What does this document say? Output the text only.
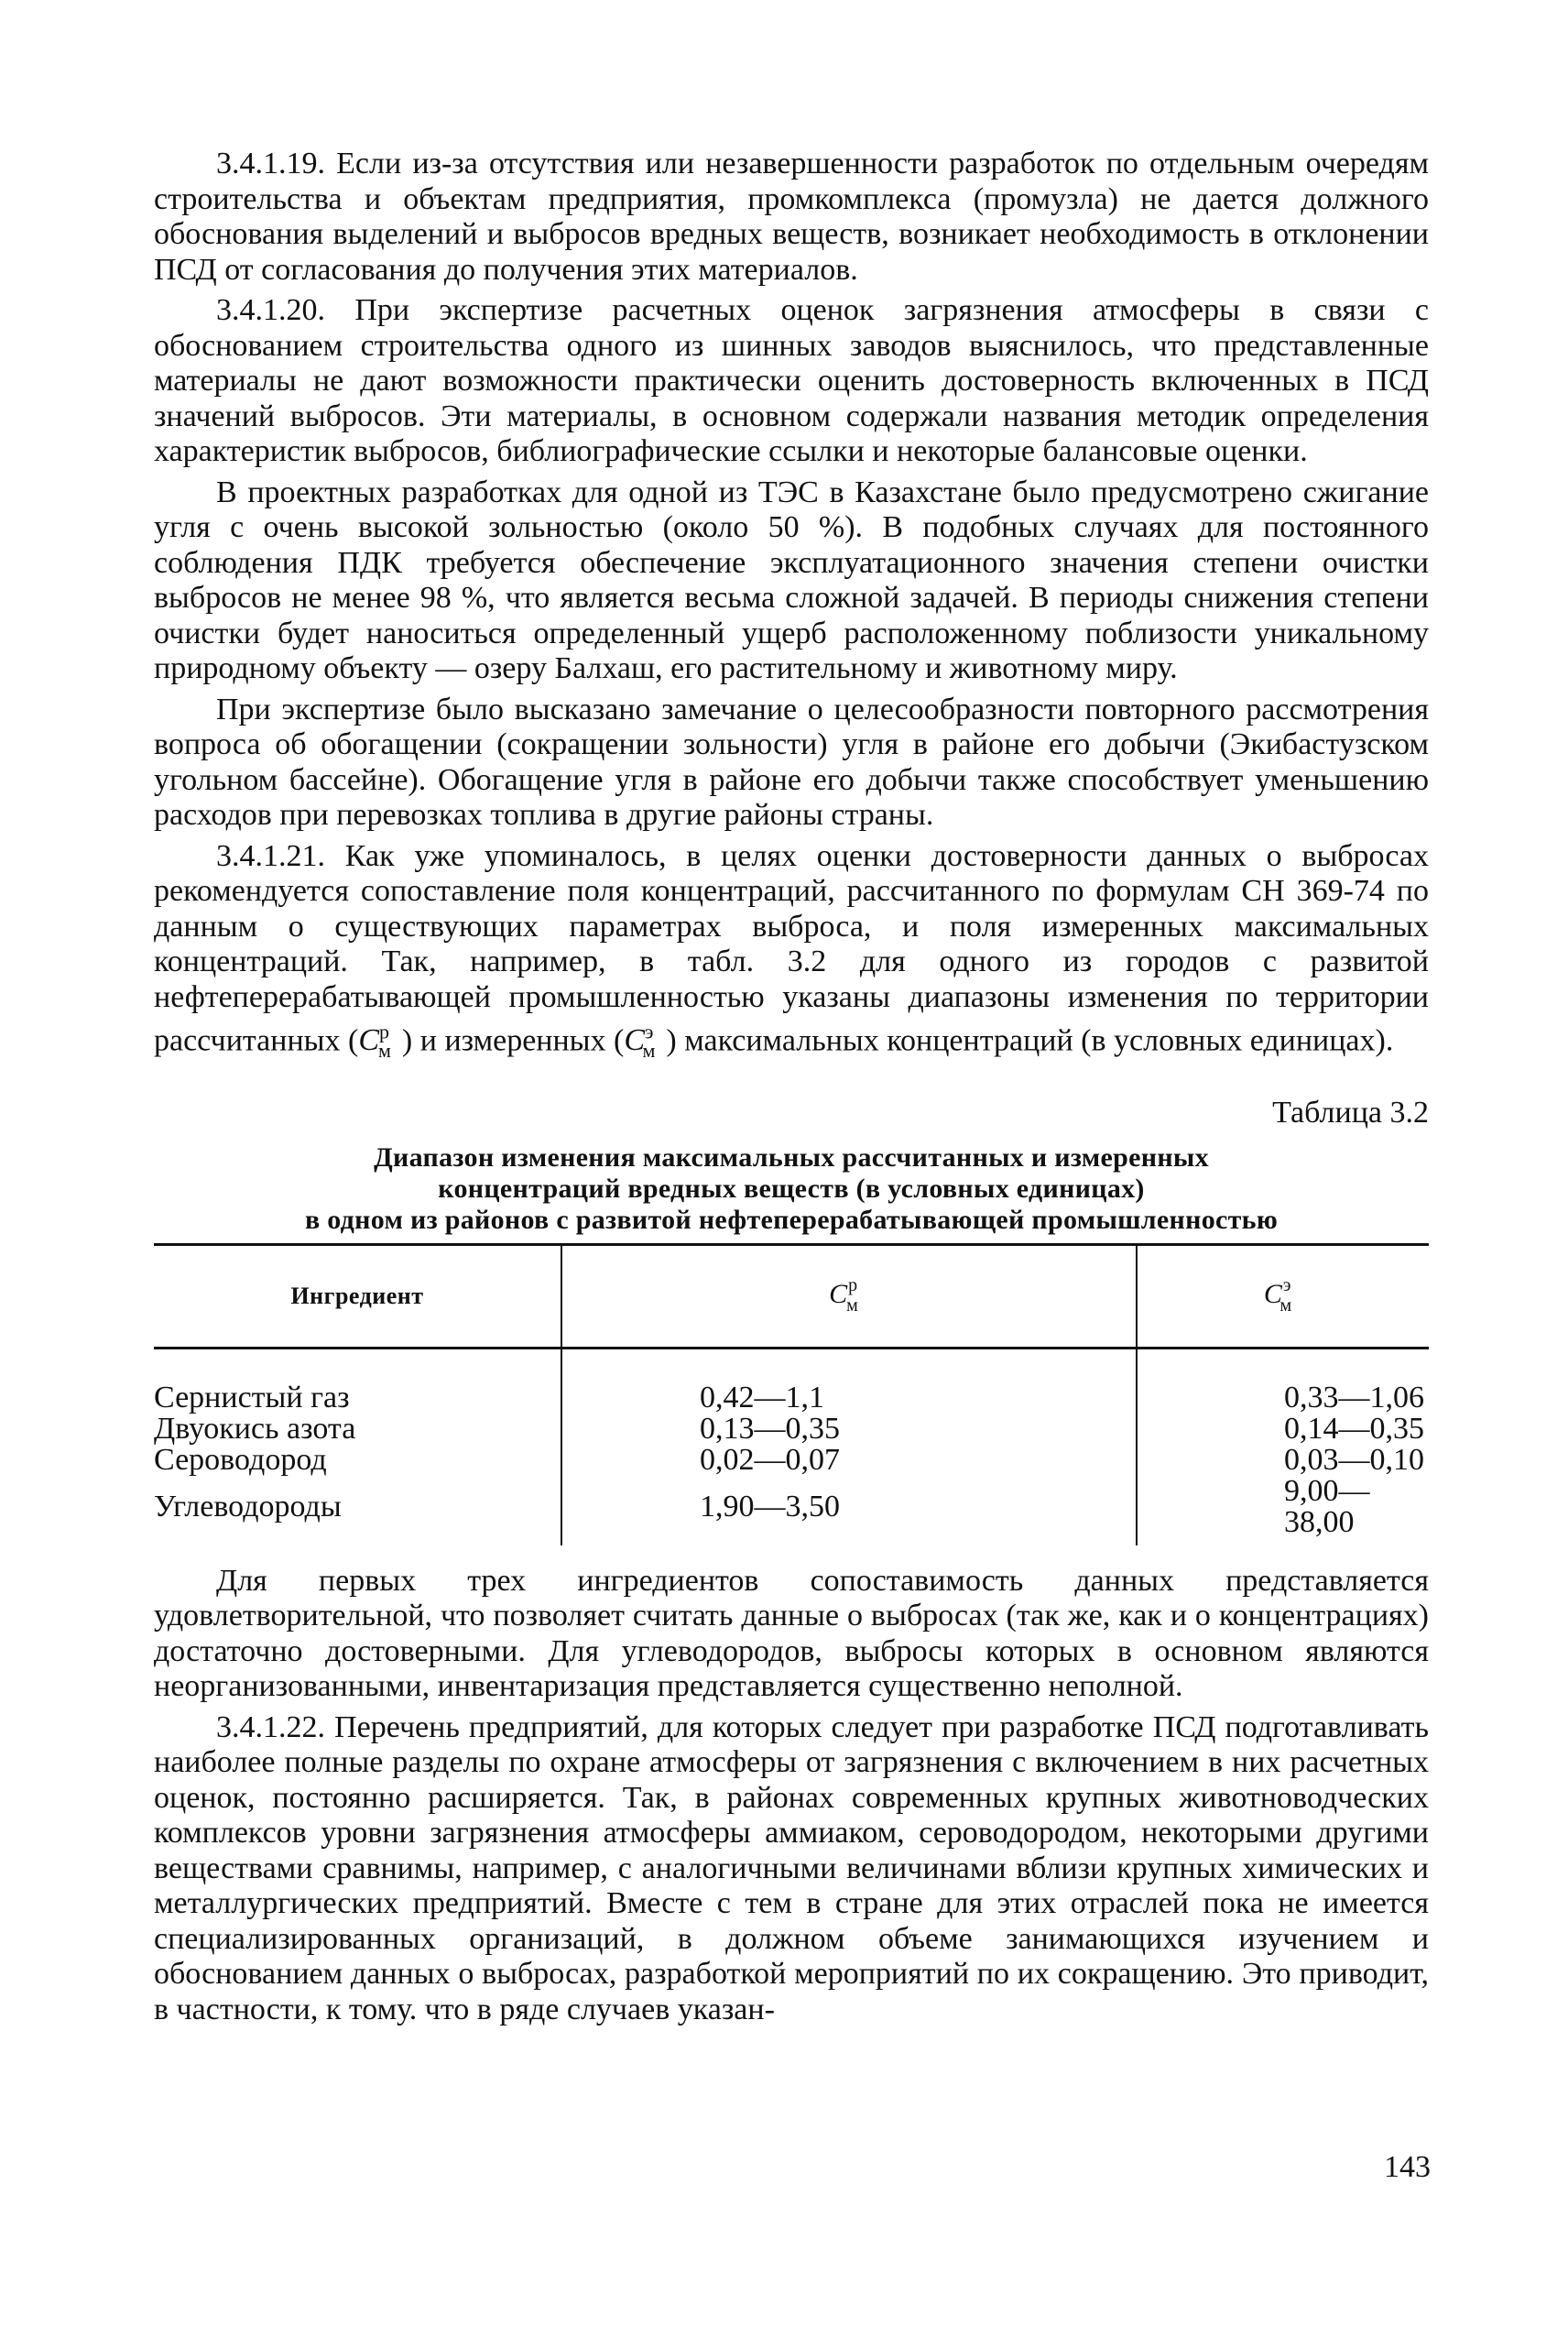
3.4.1.19. Если из-за отсутствия или незавершенности разработок по отдельным очередям строительства и объектам предприятия, промкомплекса (промузла) не дается должного обоснования выделений и выбросов вредных веществ, возникает необходимость в отклонении ПСД от согласования до получения этих материалов.

3.4.1.20. При экспертизе расчетных оценок загрязнения атмосферы в связи с обоснованием строительства одного из шинных заводов выяснилось, что представленные материалы не дают возможности практически оценить достоверность включенных в ПСД значений выбросов. Эти материалы, в основном содержали названия методик определения характеристик выбросов, библиографические ссылки и некоторые балансовые оценки.

В проектных разработках для одной из ТЭС в Казахстане было предусмотрено сжигание угля с очень высокой зольностью (около 50 %). В подобных случаях для постоянного соблюдения ПДК требуется обеспечение эксплуатационного значения степени очистки выбросов не менее 98 %, что является весьма сложной задачей. В периоды снижения степени очистки будет наноситься определенный ущерб расположенному поблизости уникальному природному объекту — озеру Балхаш, его растительному и животному миру.

При экспертизе было высказано замечание о целесообразности повторного рассмотрения вопроса об обогащении (сокращении зольности) угля в районе его добычи (Экибастузском угольном бассейне). Обогащение угля в районе его добычи также способствует уменьшению расходов при перевозках топлива в другие районы страны.

3.4.1.21. Как уже упоминалось, в целях оценки достоверности данных о выбросах рекомендуется сопоставление поля концентраций, рассчитанного по формулам СН 369-74 по данным о существующих параметрах выброса, и поля измеренных максимальных концентраций. Так, например, в табл. 3.2 для одного из городов с развитой нефтеперерабатывающей промышленностью указаны диапазоны изменения по территории рассчитанных ($C^р_м$ ) и измеренных ($C^э_м$ ) максимальных концентраций (в условных единицах).

Таблица 3.2
Диапазон изменения максимальных рассчитанных и измеренных
концентраций вредных веществ (в условных единицах)
в одном из районов с развитой нефтеперерабатывающей промышленностью
Ингредиент	$C^р_м$	$C^э_м$
Сернистый газ	0,42—1,1	0,33—1,06
Двуокись азота	0,13—0,35	0,14—0,35
Сероводород	0,02—0,07	0,03—0,10
Углеводороды	1,90—3,50	9,00—38,00

Для первых трех ингредиентов сопоставимость данных представляется удовлетворительной, что позволяет считать данные о выбросах (так же, как и о концентрациях) достаточно достоверными. Для углеводородов, выбросы которых в основном являются неорганизованными, инвентаризация представляется существенно неполной.

3.4.1.22. Перечень предприятий, для которых следует при разработке ПСД подготавливать наиболее полные разделы по охране атмосферы от загрязнения с включением в них расчетных оценок, постоянно расширяется. Так, в районах современных крупных животноводческих комплексов уровни загрязнения атмосферы аммиаком, сероводородом, некоторыми другими веществами сравнимы, например, с аналогичными величинами вблизи крупных химических и металлургических предприятий. Вместе с тем в стране для этих отраслей пока не имеется специализированных организаций, в должном объеме занимающихся изучением и обоснованием данных о выбросах, разработкой мероприятий по их сокращению. Это приводит, в частности, к тому. что в ряде случаев указан-

143
